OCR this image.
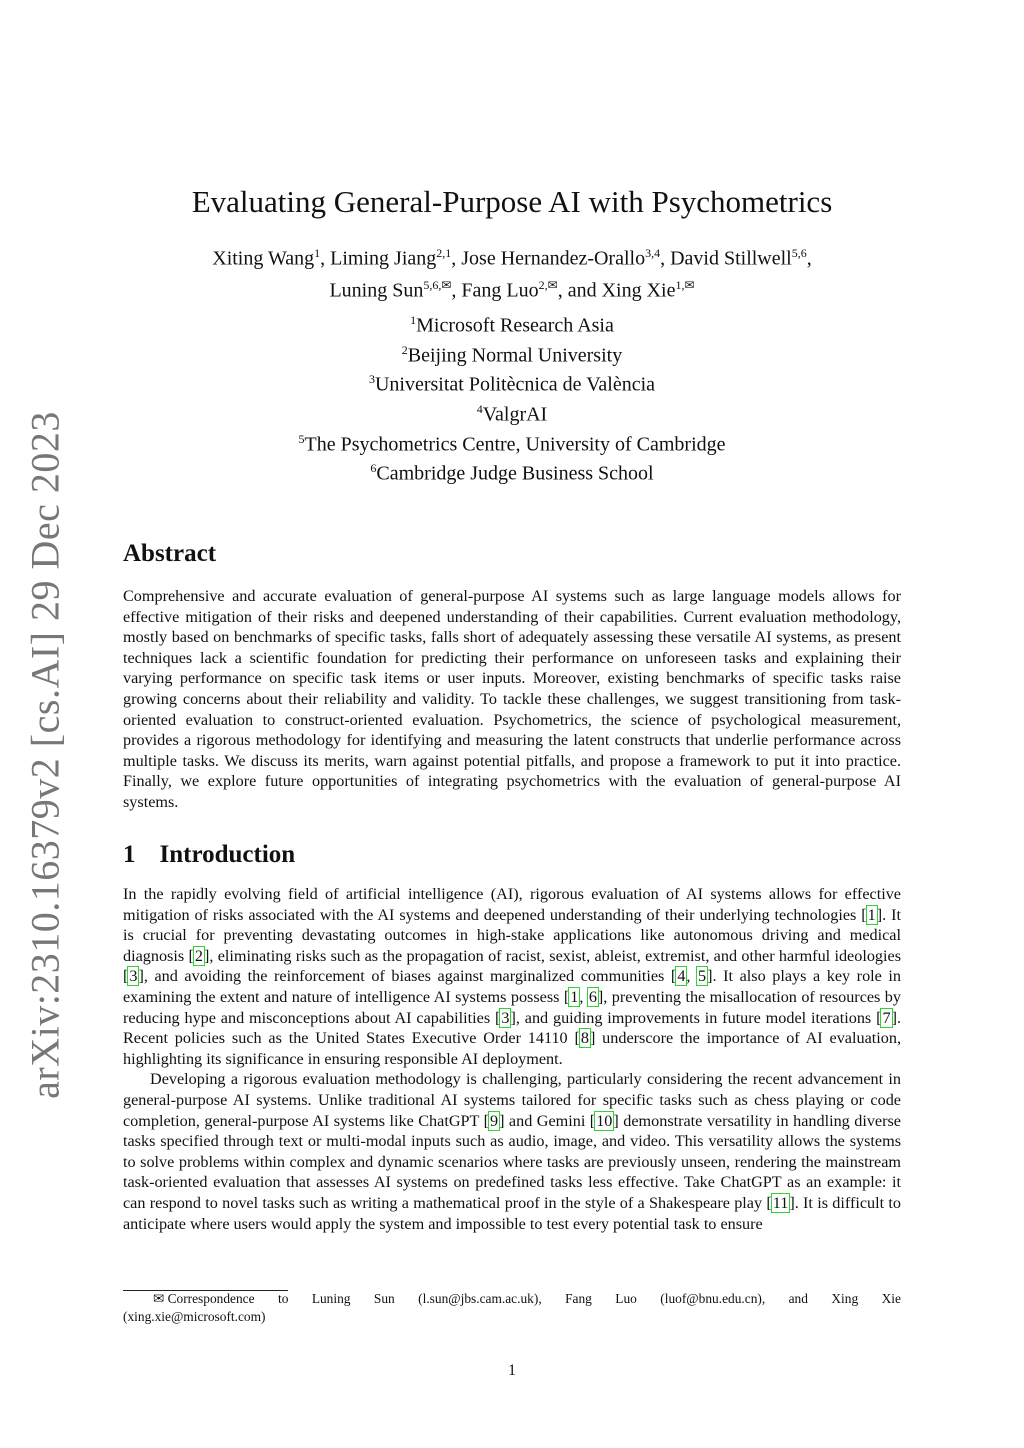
arXiv:2310.16379v2 [cs.AI] 29 Dec 2023
Evaluating General-Purpose AI with Psychometrics
Xiting Wang$^1$, Liming Jiang$^{2,1}$, Jose Hernandez-Orallo$^{3,4}$, David Stillwell$^{5,6}$,
Luning Sun$^{5,6,✉}$, Fang Luo$^{2,✉}$, and Xing Xie$^{1,✉}$
$^1$Microsoft Research Asia
$^2$Beijing Normal University
$^3$Universitat Politècnica de València
$^4$ValgrAI
$^5$The Psychometrics Centre, University of Cambridge
$^6$Cambridge Judge Business School
Abstract
Comprehensive and accurate evaluation of general-purpose AI systems such as large language models allows for effective mitigation of their risks and deepened understanding of their capabilities. Current evaluation methodology, mostly based on benchmarks of specific tasks, falls short of adequately assessing these versatile AI systems, as present techniques lack a scientific foundation for predicting their performance on unforeseen tasks and explaining their varying performance on specific task items or user inputs. Moreover, existing benchmarks of specific tasks raise growing concerns about their reliability and validity. To tackle these challenges, we suggest transitioning from task-oriented evaluation to construct-oriented evaluation. Psychometrics, the science of psychological measurement, provides a rigorous methodology for identifying and measuring the latent constructs that underlie performance across multiple tasks. We discuss its merits, warn against potential pitfalls, and propose a framework to put it into practice. Finally, we explore future opportunities of integrating psychometrics with the evaluation of general-purpose AI systems.
1 Introduction

In the rapidly evolving field of artificial intelligence (AI), rigorous evaluation of AI systems allows for effective mitigation of risks associated with the AI systems and deepened understanding of their underlying technologies [1]. It is crucial for preventing devastating outcomes in high-stake applications like autonomous driving and medical diagnosis [2], eliminating risks such as the propagation of racist, sexist, ableist, extremist, and other harmful ideologies [3], and avoiding the reinforcement of biases against marginalized communities [4, 5]. It also plays a key role in examining the extent and nature of intelligence AI systems possess [1, 6], preventing the misallocation of resources by reducing hype and misconceptions about AI capabilities [3], and guiding improvements in future model iterations [7]. Recent policies such as the United States Executive Order 14110 [8] underscore the importance of AI evaluation, highlighting its significance in ensuring responsible AI deployment.

Developing a rigorous evaluation methodology is challenging, particularly considering the recent advancement in general-purpose AI systems. Unlike traditional AI systems tailored for specific tasks such as chess playing or code completion, general-purpose AI systems like ChatGPT [9] and Gemini [10] demonstrate versatility in handling diverse tasks specified through text or multi-modal inputs such as audio, image, and video. This versatility allows the systems to solve problems within complex and dynamic scenarios where tasks are previously unseen, rendering the mainstream task-oriented evaluation that assesses AI systems on predefined tasks less effective. Take ChatGPT as an example: it can respond to novel tasks such as writing a mathematical proof in the style of a Shakespeare play [11]. It is difficult to anticipate where users would apply the system and impossible to test every potential task to ensure

✉ Correspondence to Luning Sun (l.sun@jbs.cam.ac.uk), Fang Luo (luof@bnu.edu.cn), and Xing Xie
(xing.xie@microsoft.com)
1
